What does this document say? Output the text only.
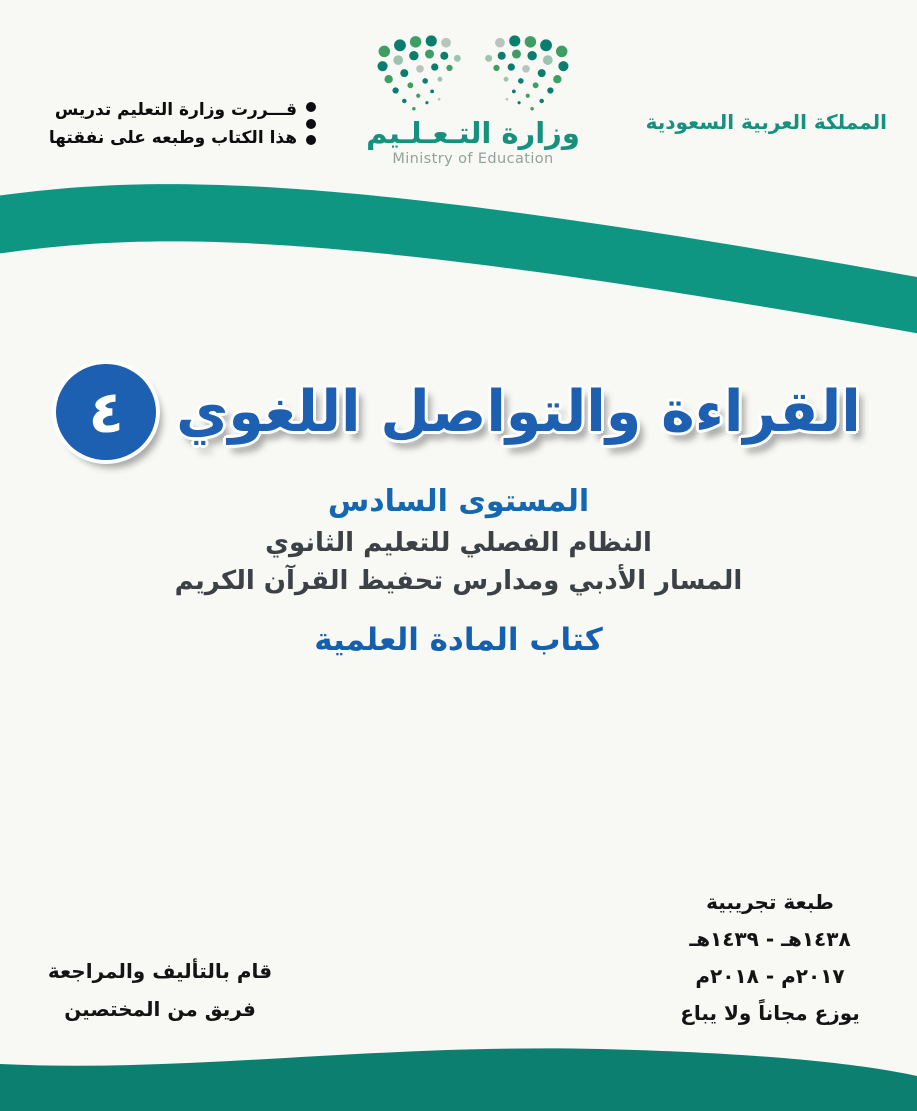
المملكة العربية السعودية
قـــررت وزارة التعليم تدريس
هذا الكتاب وطبعه على نفقتها	وزارة التـعـلـيم
Ministry of Education
القراءة والتواصل اللغوي
٤
المستوى السادس
النظام الفصلي للتعليم الثانوي
المسار الأدبي ومدارس تحفيظ القرآن الكريم
كتاب المادة العلمية
طبعة تجريبية
١٤٣٨هـ - ١٤٣٩هـ
٢٠١٧م - ٢٠١٨م
يوزع مجاناً ولا يباع
قام بالتأليف والمراجعة
فريق من المختصين
